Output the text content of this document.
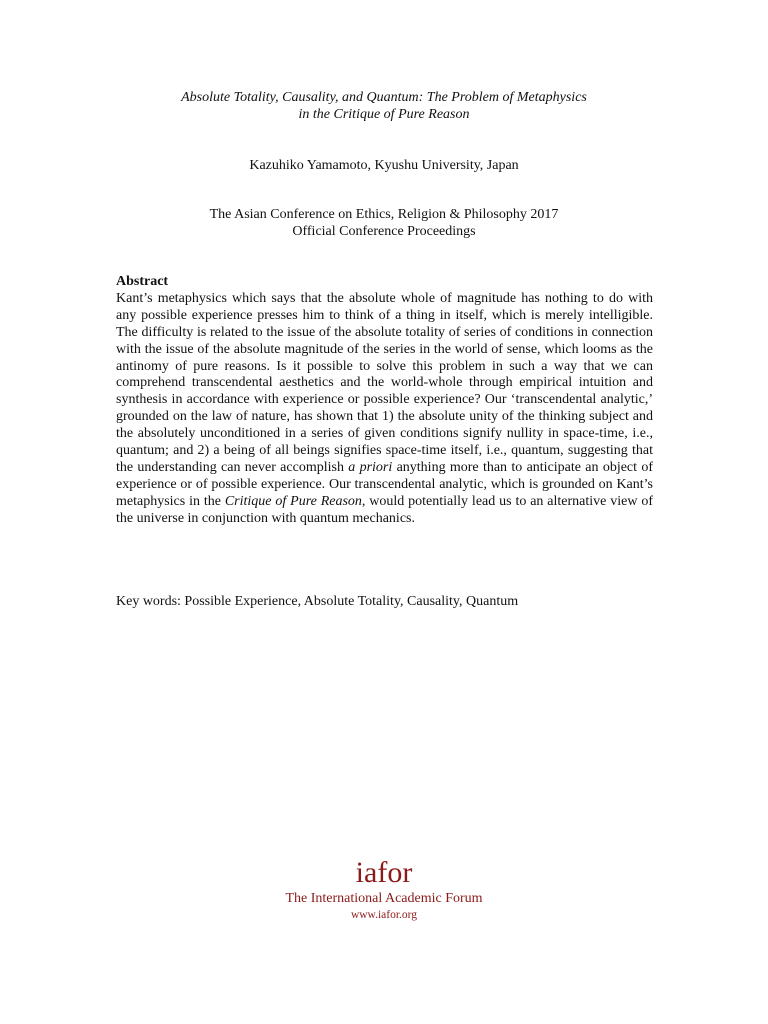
Absolute Totality, Causality, and Quantum: The Problem of Metaphysics
in the Critique of Pure Reason
Kazuhiko Yamamoto, Kyushu University, Japan
The Asian Conference on Ethics, Religion & Philosophy 2017
Official Conference Proceedings
Abstract
Kant’s metaphysics which says that the absolute whole of magnitude has nothing to do with any possible experience presses him to think of a thing in itself, which is merely intelligible. The difficulty is related to the issue of the absolute totality of series of conditions in connection with the issue of the absolute magnitude of the series in the world of sense, which looms as the antinomy of pure reasons. Is it possible to solve this problem in such a way that we can comprehend transcendental aesthetics and the world-whole through empirical intuition and synthesis in accordance with experience or possible experience? Our ‘transcendental analytic,’ grounded on the law of nature, has shown that 1) the absolute unity of the thinking subject and the absolutely unconditioned in a series of given conditions signify nullity in space-time, i.e., quantum; and 2) a being of all beings signifies space-time itself, i.e., quantum, suggesting that the understanding can never accomplish a priori anything more than to anticipate an object of experience or of possible experience. Our transcendental analytic, which is grounded on Kant’s metaphysics in the Critique of Pure Reason, would potentially lead us to an alternative view of the universe in conjunction with quantum mechanics.
Key words: Possible Experience, Absolute Totality, Causality, Quantum
iafor
The International Academic Forum
www.iafor.org
